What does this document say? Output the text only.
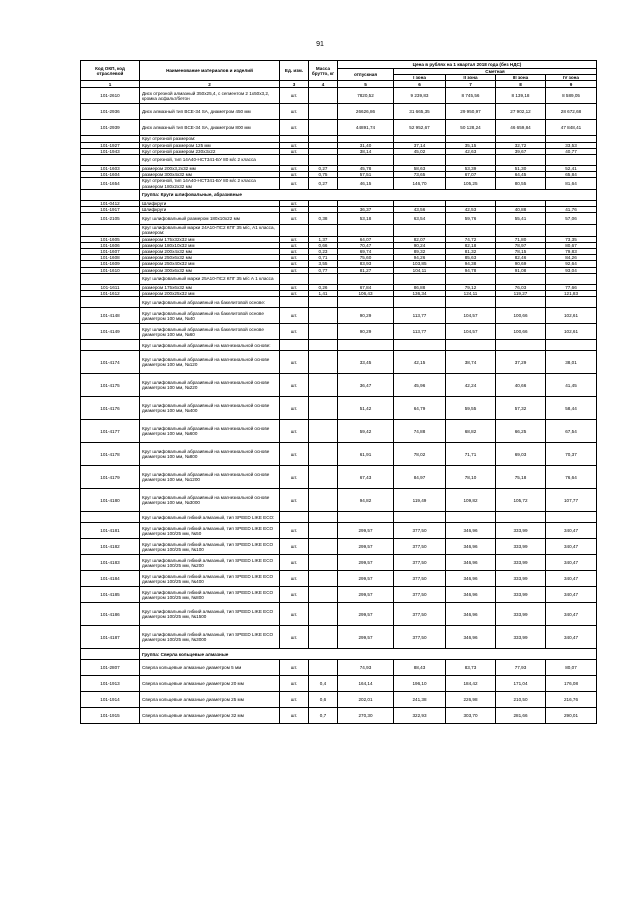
91
Код ОКП, код отраслевой	Наименование материалов и изделий	Ед. изм.	Масса брутто, кг	Цена в рублях на 1 квартал 2018 года (без НДС)				
				отпускная	Сметная			
					I зона	II зона	III зона	IV зона
1	2	3	4	5	6	7	8	9
101-2610	Диск отрезной алмазный 350х25,4, с сегментом 2 1х50х3,2, кромка асфальт/бетон	шт.		7820,52	9 239,83	8 745,56	8 139,18	8 589,05
101-2936	Диск алмазный тип BCE-34 SA, диаметром 450 мм	шт.		26626,86	31 665,35	29 950,97	27 902,12	28 672,68
101-2939	Диск алмазный тип BCE-34 SA, диаметром 800 мм	шт.		44891,74	52 952,67	50 128,24	46 659,84	47 848,41
	Круг отрезной размером:							
101-1927	Круг отрезной размером 125 мм	шт.		31,40	37,14	35,15	32,72	33,53
101-1943	Круг отрезной размером 230х3х22	шт.		38,14	45,02	42,63	39,67	40,77
	Круг отрезной, тип 14А40-НСТ341-БУ 80 м/с 2 класса							
101-1603	размером 200х3,2х32 мм	шт.	0,27	45,78	58,63	53,39	51,30	52,41
101-1604	размером 300х4х32 мм	шт.	0,75	57,51	73,65	67,07	64,45	65,84
101-1654	Круг отрезной, тип 14А40-НСТ341-БУ 80 м/с 2 класса размером 180х2х32 мм	шт.	0,27	46,15	146,70	105,25	80,55	81,64
	Группа: Круги шлифовальные, абразивные							
101-0412	Шлифкруги	шт.						
101-1917	Шлифкруги	шт.		36,37	43,56	42,53	40,88	41,76
101-2105	Круг шлифовальный размером 180х10х22 мм	шт.	0,38	53,18	63,54	59,76	55,41	57,06
	Круг шлифовальный марки 24А10-ПС2 КПГ 35 м/с, А1 класса, размером:							
101-1605	размером 175х32х32 мм	шт.	1,37	64,07	82,07	74,72	71,80	73,35
101-1606	размером 180х10х32 мм	шт.	0,66	70,47	90,24	82,18	78,97	80,67
101-1607	размером 200х4х32 мм	шт.	0,23	69,74	89,32	81,32	78,15	79,83
101-1608	размером 250х6х32 мм	шт.	0,71	75,60	94,26	85,63	82,46	84,26
101-1609	размером 250х40х32 мм	шт.	3,55	83,93	103,85	94,38	90,69	92,64
101-1610	размером 300х6х32 мм	шт.	0,77	81,27	104,11	94,78	91,08	93,04
	Круг шлифовальный марки 25А10-ПС2 КПГ 35 м/с А 1 класса							
101-1611	размером 175х6х32 мм	шт.	0,26	67,84	86,88	79,12	76,03	77,66
101-1612	размером 200х25х32 мм	шт.	1,41	106,43	136,34	124,11	119,27	121,83
	Круг шлифовальный абразивный на бакелитовой основе:							
101-4148	Круг шлифовальный абразивный на бакелитовой основе диаметром 100 мм, №40	шт.		90,29	113,77	104,57	100,66	102,61
101-4149	Круг шлифовальный абразивный на бакелитовой основе диаметром 100 мм, №60	шт.		90,29	113,77	104,57	100,66	102,61
	Круг шлифовальный абразивный на магнезиальной основе:							
101-4174	Круг шлифовальный абразивный на магнезиальной основе диаметром 100 мм, №120	шт.		33,45	42,15	38,74	37,29	38,01
101-4175	Круг шлифовальный абразивный на магнезиальной основе диаметром 100 мм, №220	шт.		36,47	45,96	42,24	40,66	41,45
101-4176	Круг шлифовальный абразивный на магнезиальной основе диаметром 100 мм, №400	шт.		51,42	64,79	59,55	57,32	58,44
101-4177	Круг шлифовальный абразивный на магнезиальной основе диаметром 100 мм, №600	шт.		59,42	74,88	68,82	66,25	67,54
101-4178	Круг шлифовальный абразивный на магнезиальной основе диаметром 100 мм, №800	шт.		61,91	78,02	71,71	69,03	70,37
101-4179	Круг шлифовальный абразивный на магнезиальной основе диаметром 100 мм, №1200	шт.		67,43	84,97	78,10	75,18	76,64
101-4180	Круг шлифовальный абразивный на магнезиальной основе диаметром 100 мм, №3000	шт.		94,82	119,49	109,82	105,72	107,77
	Круг шлифовальный гибкий алмазный, тип SPEED LIKE ECO:							
101-4181	Круг шлифовальный гибкий алмазный, тип SPEED LIKE ECO диаметром 100/25 мм, №50	шт.		299,57	377,50	346,96	333,99	340,47
101-4182	Круг шлифовальный гибкий алмазный, тип SPEED LIKE ECO диаметром 100/25 мм, №100	шт.		299,57	377,50	346,96	333,99	340,47
101-4183	Круг шлифовальный гибкий алмазный, тип SPEED LIKE ECO диаметром 100/25 мм, №200	шт.		299,57	377,50	346,96	333,99	340,47
101-4184	Круг шлифовальный гибкий алмазный, тип SPEED LIKE ECO диаметром 100/25 мм, №400	шт.		299,57	377,50	346,96	333,99	340,47
101-4185	Круг шлифовальный гибкий алмазный, тип SPEED LIKE ECO диаметром 100/25 мм, №800	шт.		299,57	377,50	346,96	333,99	340,47
101-4186	Круг шлифовальный гибкий алмазный, тип SPEED LIKE ECO диаметром 100/25 мм, №1500	шт.		299,57	377,50	346,96	333,99	340,47
101-4187	Круг шлифовальный гибкий алмазный, тип SPEED LIKE ECO диаметром 100/25 мм, №3000	шт.		299,57	377,50	346,96	333,99	340,47
	Группа: Сверла кольцевые алмазные							
101-2807	Сверла кольцевые алмазные диаметром 5 мм	шт.		74,93	88,43	83,73	77,93	80,07
101-1913	Сверла кольцевые алмазные диаметром 20 мм	шт.	0,4	164,14	196,10	184,42	171,04	176,08
101-1914	Сверла кольцевые алмазные диаметром 25 мм	шт.	0,6	202,01	241,38	226,98	210,50	216,76
101-1915	Сверла кольцевые алмазные диаметром 32 мм	шт.	0,7	270,30	322,93	303,70	281,66	290,01
